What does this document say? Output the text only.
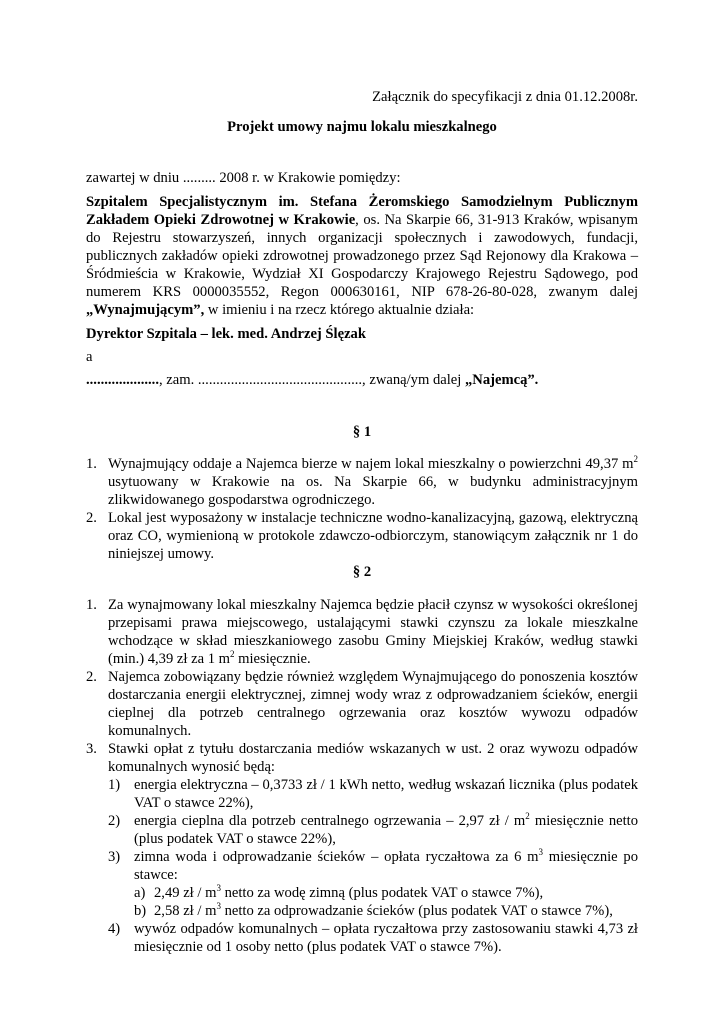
Załącznik do specyfikacji z dnia 01.12.2008r.
Projekt umowy najmu lokalu mieszkalnego
zawartej w dniu ......... 2008 r. w Krakowie pomiędzy:
Szpitalem Specjalistycznym im. Stefana Żeromskiego Samodzielnym Publicznym Zakładem Opieki Zdrowotnej w Krakowie, os. Na Skarpie 66, 31-913 Kraków, wpisanym do Rejestru stowarzyszeń, innych organizacji społecznych i zawodowych, fundacji, publicznych zakładów opieki zdrowotnej prowadzonego przez Sąd Rejonowy dla Krakowa – Śródmieścia w Krakowie, Wydział XI Gospodarczy Krajowego Rejestru Sądowego, pod numerem KRS 0000035552, Regon 000630161, NIP 678-26-80-028, zwanym dalej „Wynajmującym”, w imieniu i na rzecz którego aktualnie działa:
Dyrektor Szpitala – lek. med. Andrzej Ślęzak
a
...................., zam. ............................................., zwaną/ym dalej „Najemcą”.
§ 1
1. Wynajmujący oddaje a Najemca bierze w najem lokal mieszkalny o powierzchni 49,37 $m^2$ usytuowany w Krakowie na os. Na Skarpie 66, w budynku administracyjnym zlikwidowanego gospodarstwa ogrodniczego.
2. Lokal jest wyposażony w instalacje techniczne wodno-kanalizacyjną, gazową, elektryczną oraz CO, wymienioną w protokole zdawczo-odbiorczym, stanowiącym załącznik nr 1 do niniejszej umowy.
§ 2
1. Za wynajmowany lokal mieszkalny Najemca będzie płacił czynsz w wysokości określonej przepisami prawa miejscowego, ustalającymi stawki czynszu za lokale mieszkalne wchodzące w skład mieszkaniowego zasobu Gminy Miejskiej Kraków, według stawki (min.) 4,39 zł za 1 $m^2$ miesięcznie.
2. Najemca zobowiązany będzie również względem Wynajmującego do ponoszenia kosztów dostarczania energii elektrycznej, zimnej wody wraz z odprowadzaniem ścieków, energii cieplnej dla potrzeb centralnego ogrzewania oraz kosztów wywozu odpadów komunalnych.
3. Stawki opłat z tytułu dostarczania mediów wskazanych w ust. 2 oraz wywozu odpadów komunalnych wynosić będą:
1) energia elektryczna – 0,3733 zł / 1 kWh netto, według wskazań licznika (plus podatek VAT o stawce 22%),
2) energia cieplna dla potrzeb centralnego ogrzewania – 2,97 zł / $m^2$ miesięcznie netto (plus podatek VAT o stawce 22%),
3) zimna woda i odprowadzanie ścieków – opłata ryczałtowa za 6 $m^3$ miesięcznie po stawce:
a) 2,49 zł / $m^3$ netto za wodę zimną (plus podatek VAT o stawce 7%),
b) 2,58 zł / $m^3$ netto za odprowadzanie ścieków (plus podatek VAT o stawce 7%),
4) wywóz odpadów komunalnych – opłata ryczałtowa przy zastosowaniu stawki 4,73 zł miesięcznie od 1 osoby netto (plus podatek VAT o stawce 7%).
